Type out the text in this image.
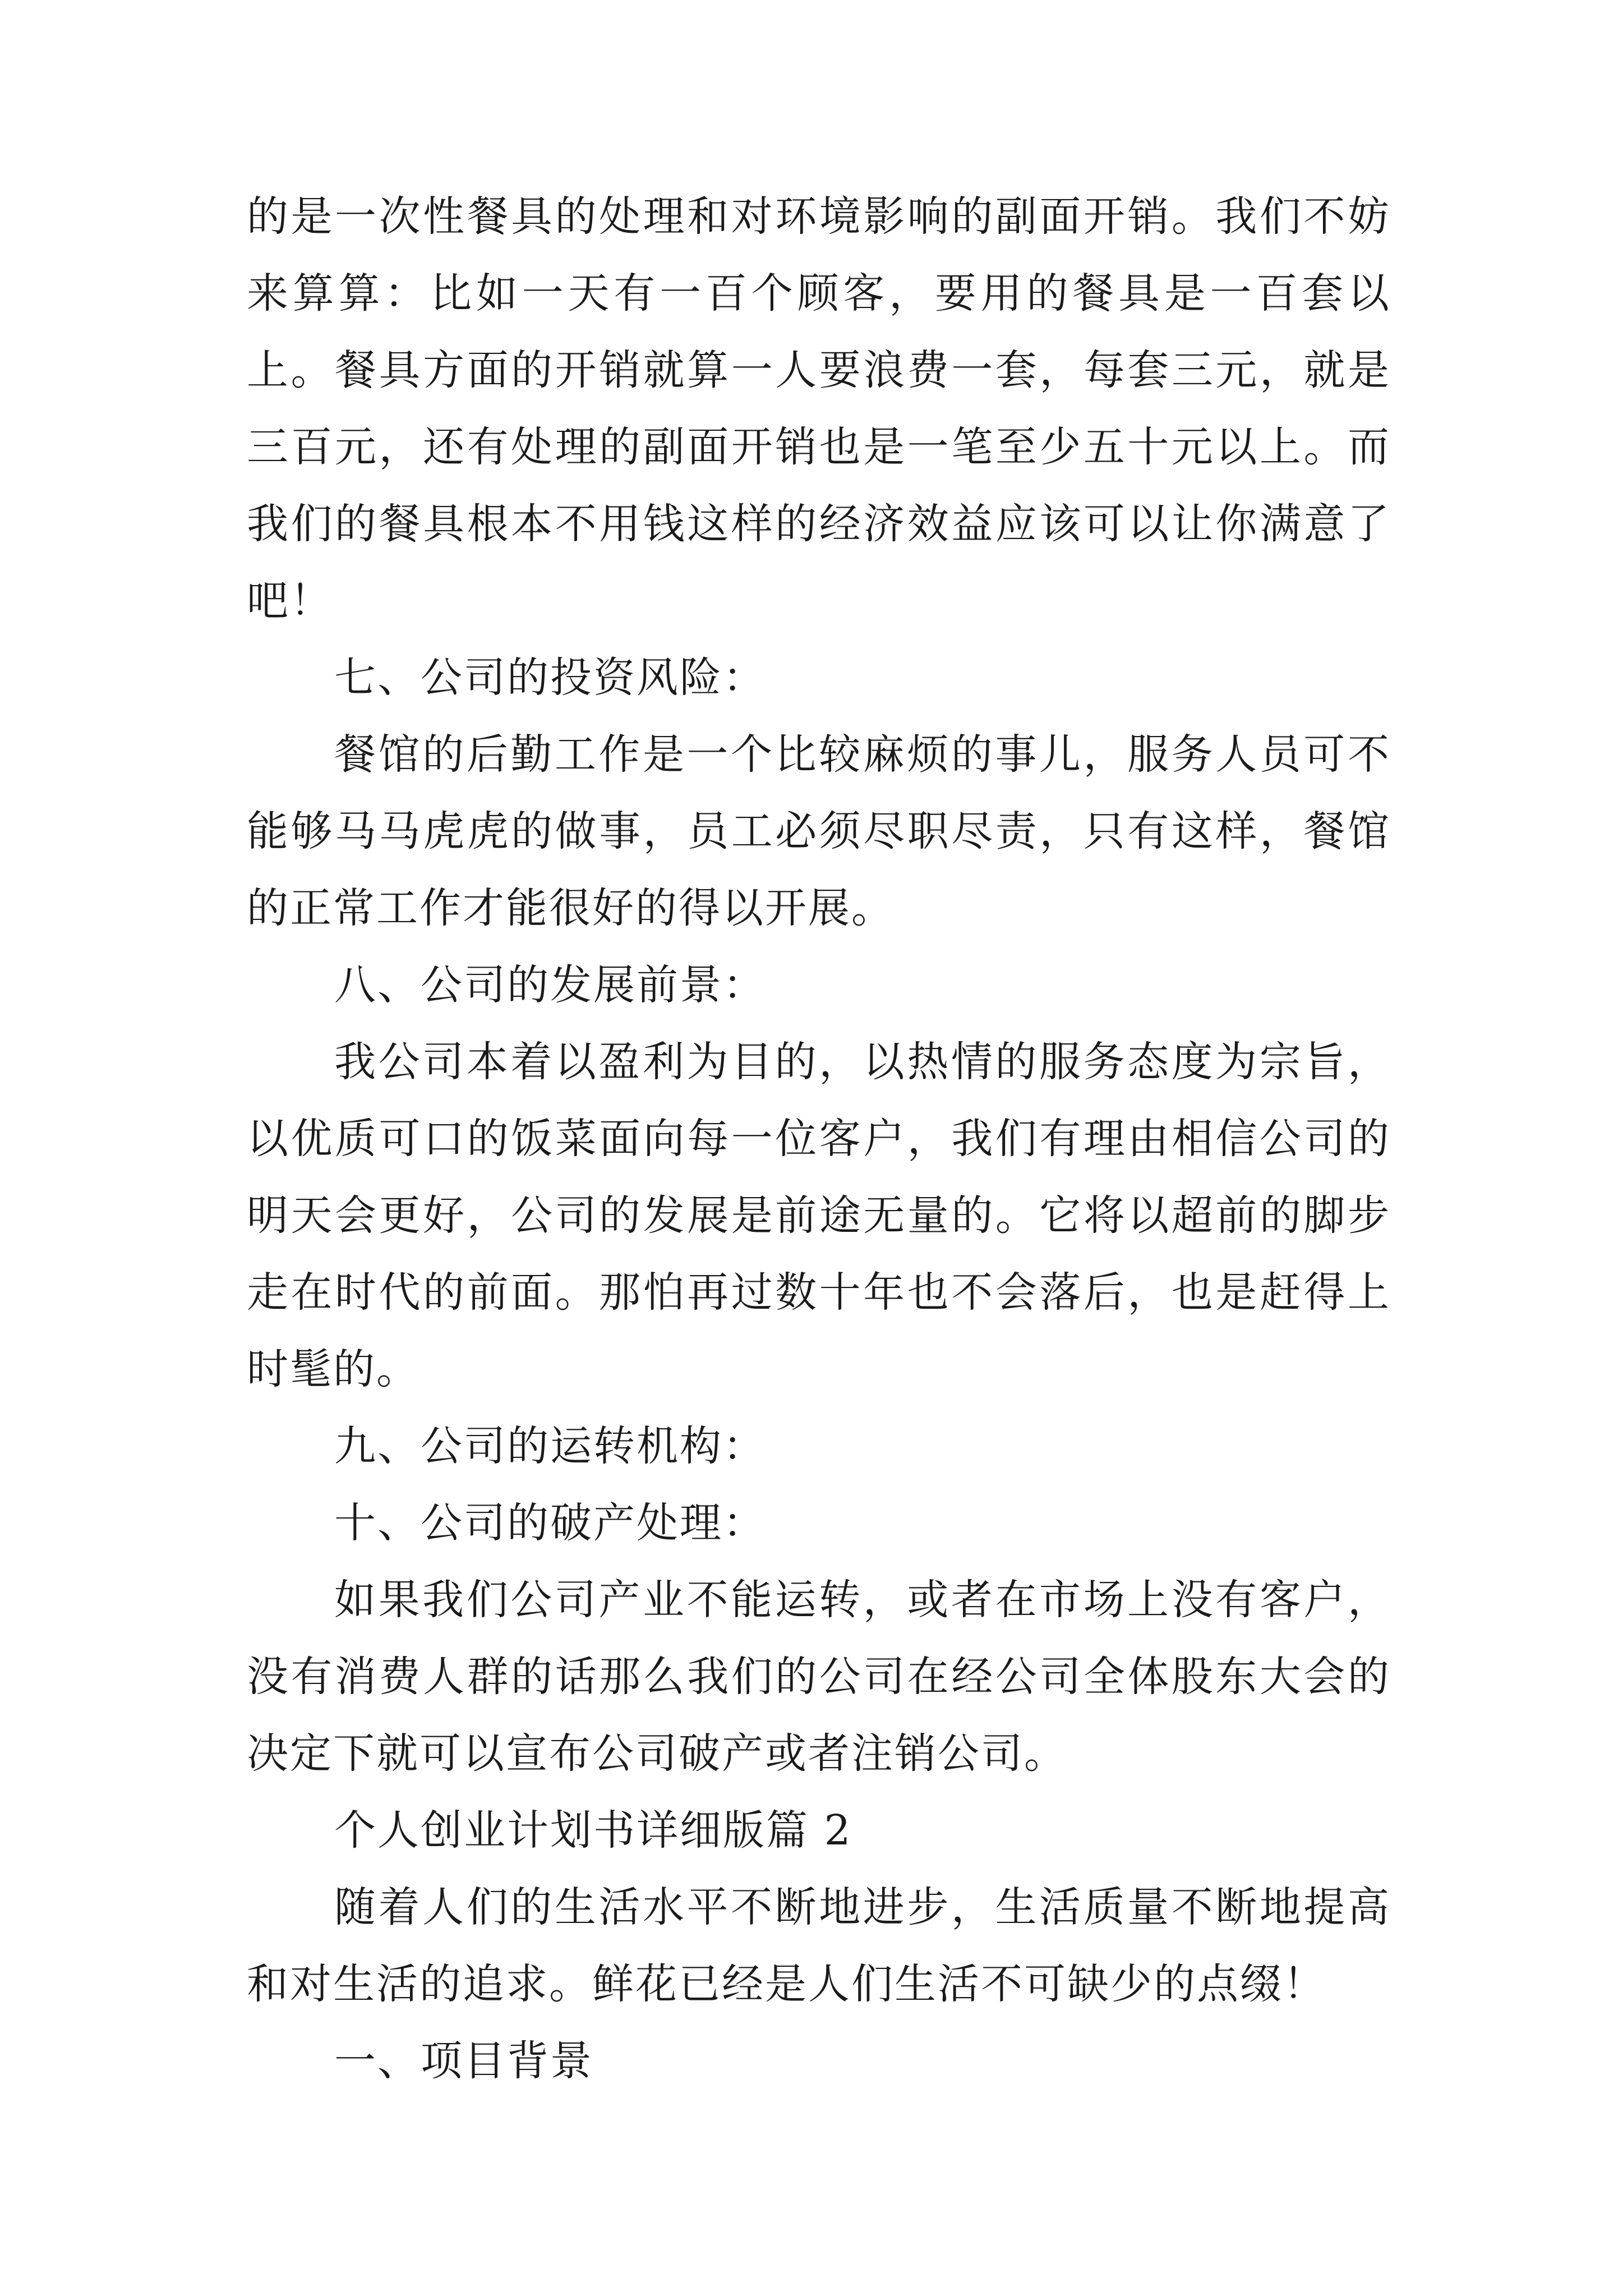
的是一次性餐具的处理和对环境影响的副面开销。我们不妨来算算：比如一天有一百个顾客，要用的餐具是一百套以上。餐具方面的开销就算一人要浪费一套，每套三元，就是三百元，还有处理的副面开销也是一笔至少五十元以上。而我们的餐具根本不用钱这样的经济效益应该可以让你满意了吧！

七、公司的投资风险：

餐馆的后勤工作是一个比较麻烦的事儿，服务人员可不能够马马虎虎的做事，员工必须尽职尽责，只有这样，餐馆的正常工作才能很好的得以开展。

八、公司的发展前景：

我公司本着以盈利为目的，以热情的服务态度为宗旨，以优质可口的饭菜面向每一位客户，我们有理由相信公司的明天会更好，公司的发展是前途无量的。它将以超前的脚步走在时代的前面。那怕再过数十年也不会落后，也是赶得上时髦的。

九、公司的运转机构：

十、公司的破产处理：

如果我们公司产业不能运转，或者在市场上没有客户，没有消费人群的话那么我们的公司在经公司全体股东大会的决定下就可以宣布公司破产或者注销公司。

个人创业计划书详细版篇 2

随着人们的生活水平不断地进步，生活质量不断地提高和对生活的追求。鲜花已经是人们生活不可缺少的点缀！

一、项目背景
